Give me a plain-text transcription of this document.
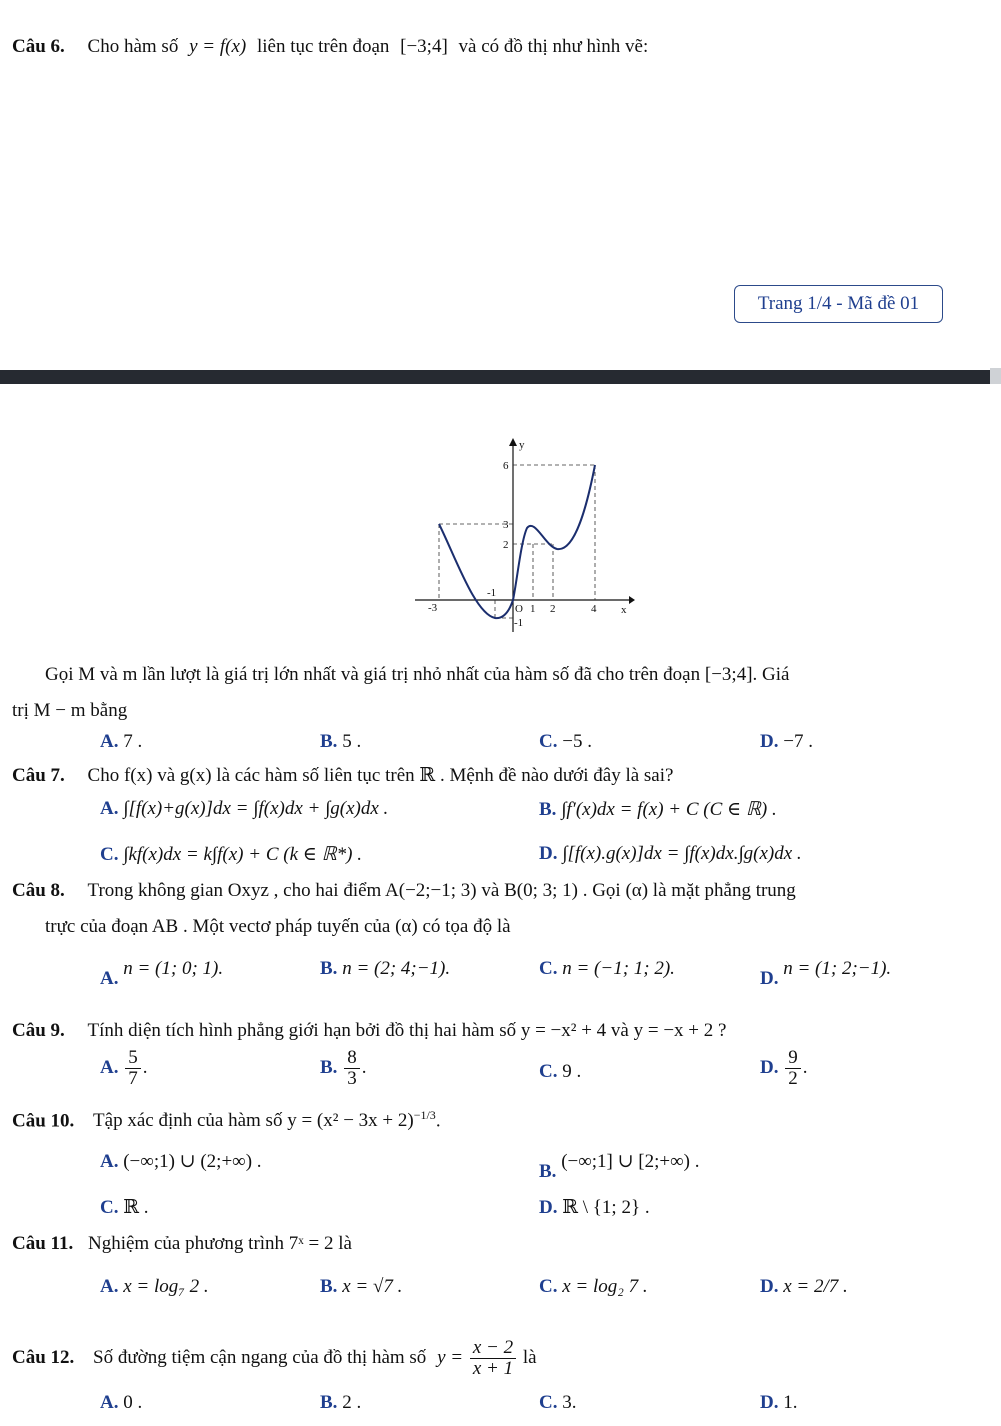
Câu 6. Cho hàm số y = f(x) liên tục trên đoạn [−3;4] và có đồ thị như hình vẽ:
Trang 1/4 - Mã đề 01
y
x
O
-3
-1
1 2	4
6
3
2
-1
Gọi M và m lần lượt là giá trị lớn nhất và giá trị nhỏ nhất của hàm số đã cho trên đoạn [−3;4]. Giá
trị M − m bằng
A. 7 .	B. 5 .	C. −5 .	D. −7 .
Câu 7. Cho f(x) và g(x) là các hàm số liên tục trên ℝ . Mệnh đề nào dưới đây là sai?
A. ∫[f(x)+g(x)]dx = ∫f(x)dx + ∫g(x)dx .	B. ∫f′(x)dx = f(x) + C (C ∈ ℝ) .
C. ∫kf(x)dx = k∫f(x) + C (k ∈ ℝ*) .	D. ∫[f(x).g(x)]dx = ∫f(x)dx.∫g(x)dx .
Câu 8. Trong không gian Oxyz , cho hai điểm A(−2;−1; 3) và B(0; 3; 1) . Gọi (α) là mặt phẳng trung
trực của đoạn AB . Một vectơ pháp tuyến của (α) có tọa độ là
A. n = (1; 0; 1).	B. n = (2; 4;−1).	C. n = (−1; 1; 2).	D. n = (1; 2;−1).
Câu 9. Tính diện tích hình phẳng giới hạn bởi đồ thị hai hàm số y = −x² + 4 và y = −x + 2 ?
A. $\frac{5}{7}$ .	B. $\frac{8}{3}$ .	C. 9 .	D. $\frac{9}{2}$ .
Câu 10. Tập xác định của hàm số $y = (x^2 - 3x + 2)^{-1/3}$.
A. (−∞;1) ∪ (2;+∞) .	B. (−∞;1] ∪ [2;+∞) .
C. ℝ .	D. ℝ \ {1; 2} .
Câu 11. Nghiệm của phương trình 7ˣ = 2 là
A. x = log₇ 2 .	B. x = √7 .	C. x = log₂ 7 .	D. x = 2/7 .
Câu 12. Số đường tiệm cận ngang của đồ thị hàm số $y = \frac{x - 2}{x + 1}$ là
A. 0 .	B. 2 .	C. 3.	D. 1.
